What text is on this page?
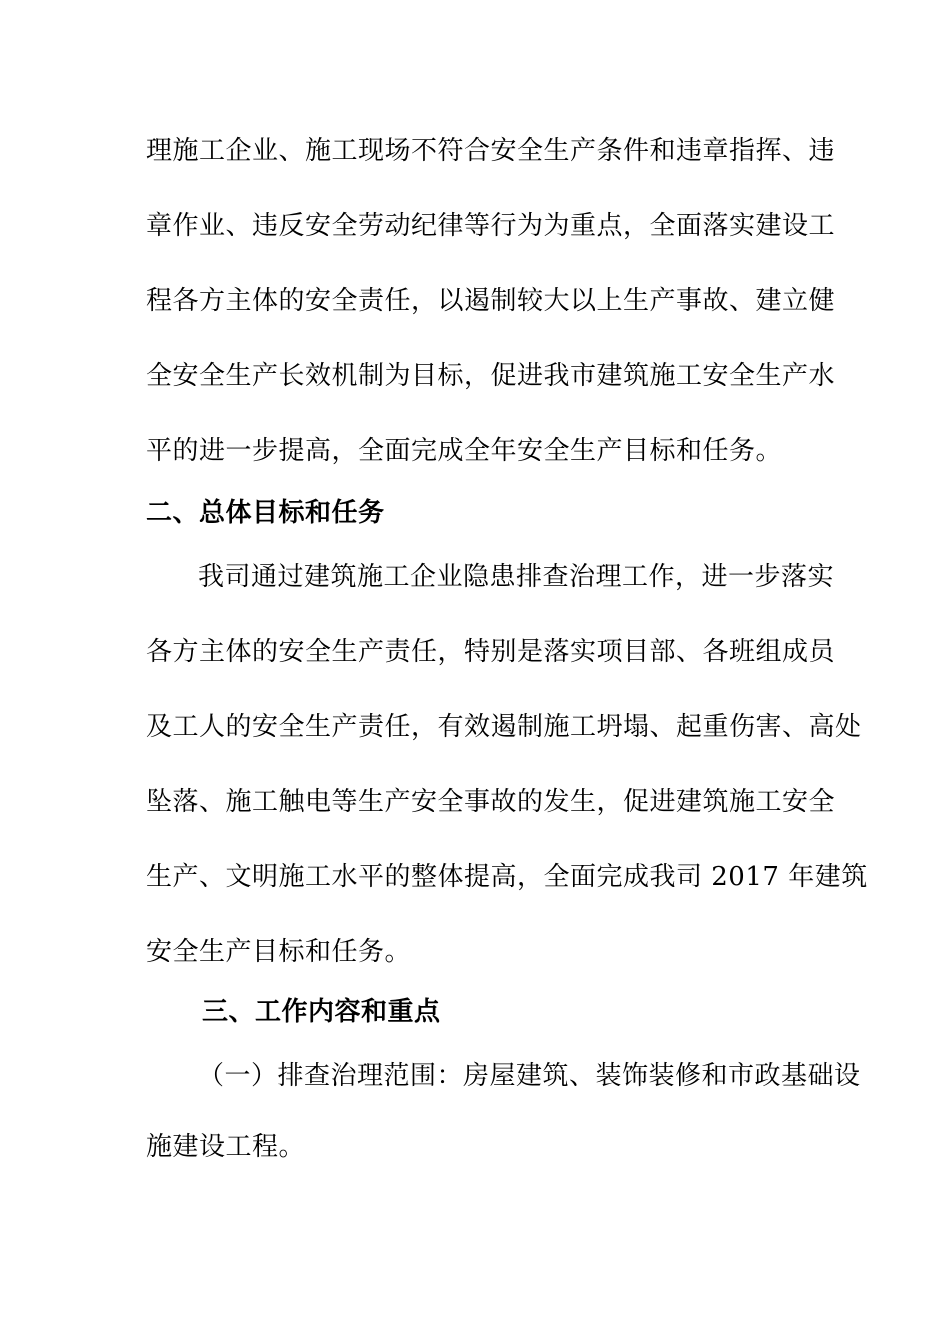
理施工企业、施工现场不符合安全生产条件和违章指挥、违
章作业、违反安全劳动纪律等行为为重点，全面落实建设工
程各方主体的安全责任，以遏制较大以上生产事故、建立健
全安全生产长效机制为目标，促进我市建筑施工安全生产水
平的进一步提高，全面完成全年安全生产目标和任务。
二、总体目标和任务
我司通过建筑施工企业隐患排查治理工作，进一步落实
各方主体的安全生产责任，特别是落实项目部、各班组成员
及工人的安全生产责任，有效遏制施工坍塌、起重伤害、高处
坠落、施工触电等生产安全事故的发生，促进建筑施工安全
生产、文明施工水平的整体提高，全面完成我司 2017 年建筑
安全生产目标和任务。
三、工作内容和重点
（一）排查治理范围：房屋建筑、装饰装修和市政基础设
施建设工程。
